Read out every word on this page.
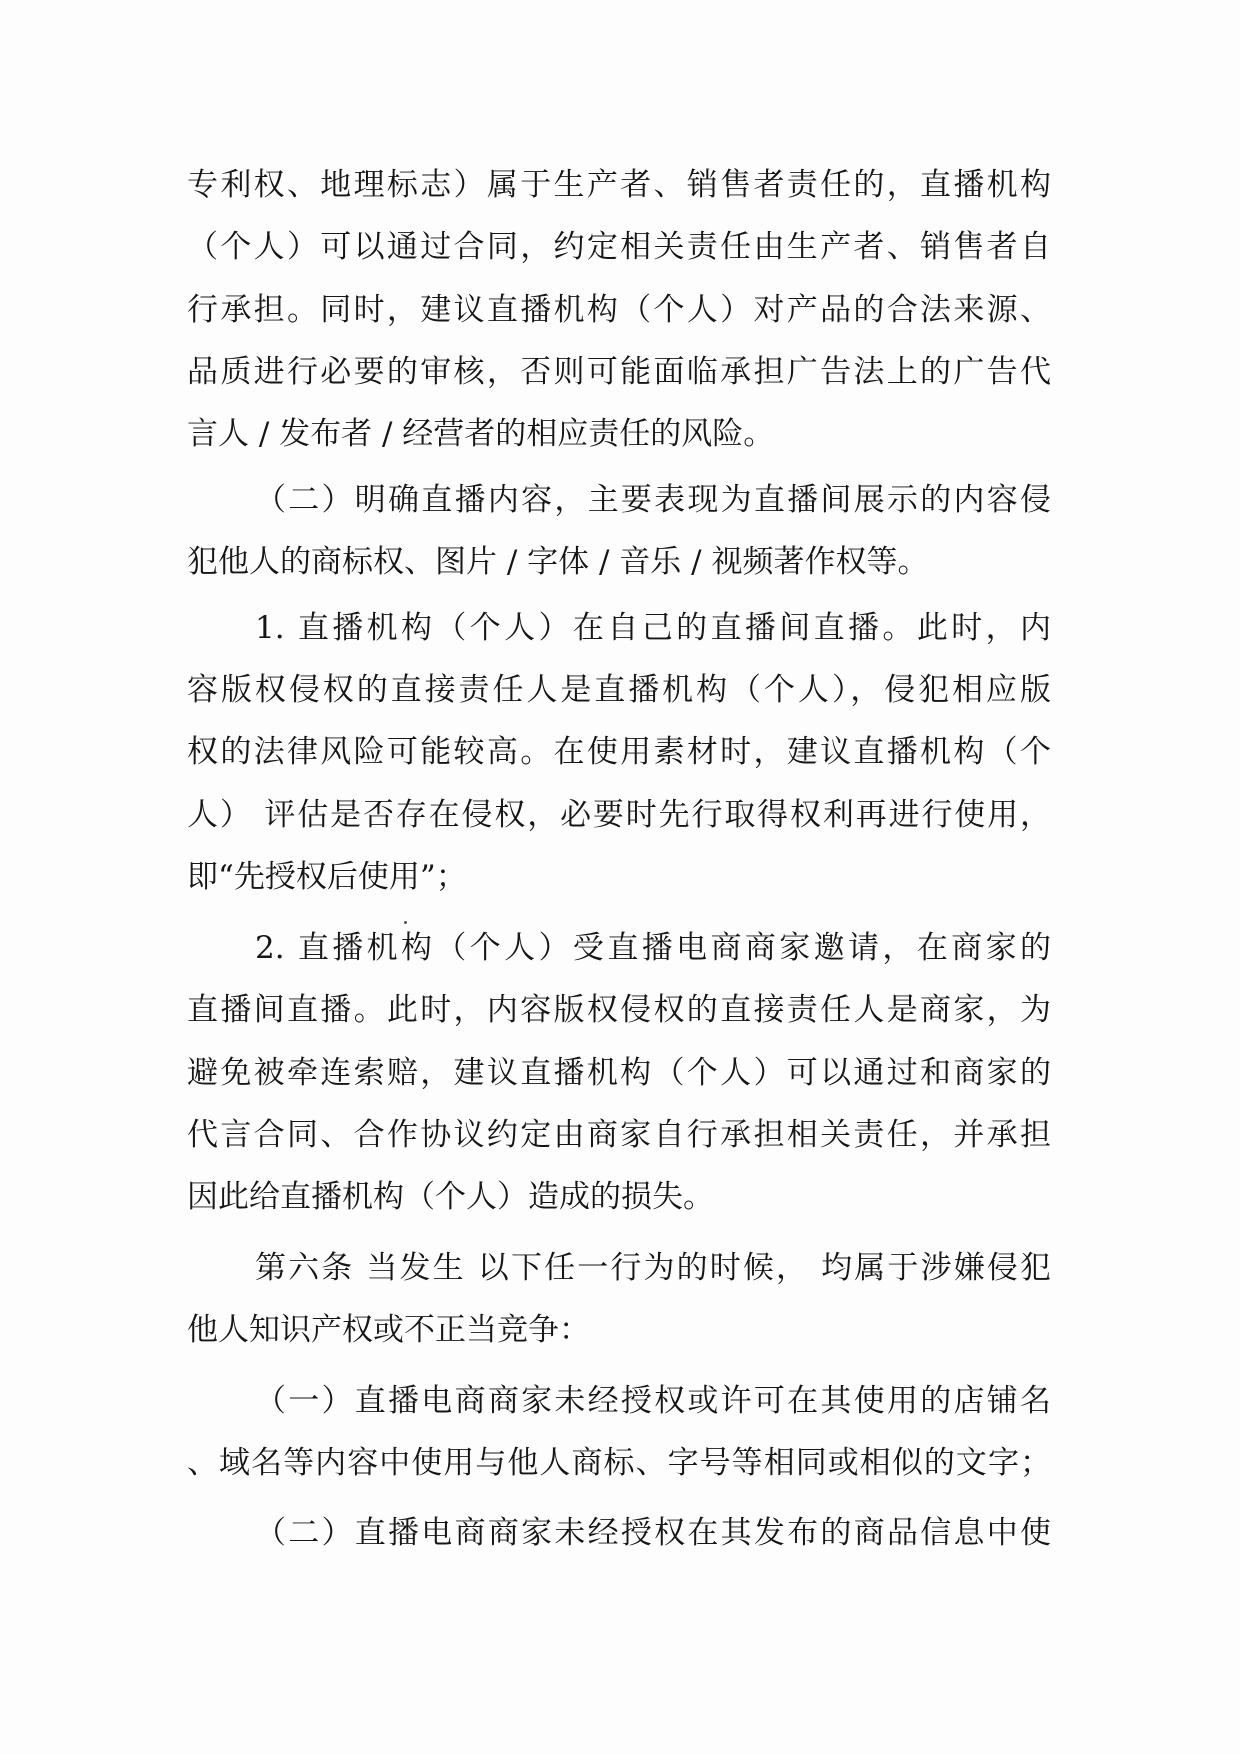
专利权、地理标志）属于生产者、销售者责任的，直播机构
（个人）可以通过合同，约定相关责任由生产者、销售者自
行承担。同时，建议直播机构（个人）对产品的合法来源、
品质进行必要的审核，否则可能面临承担广告法上的广告代
言人 / 发布者 / 经营者的相应责任的风险。
（二）明确直播内容，主要表现为直播间展示的内容侵
犯他人的商标权、图片 / 字体 / 音乐 / 视频著作权等。
1. 直播机构（个人）在自己的直播间直播。此时，内
容版权侵权的直接责任人是直播机构（个人），侵犯相应版
权的法律风险可能较高。在使用素材时，建议直播机构（个
人） 评估是否存在侵权，必要时先行取得权利再进行使用，
即“先授权后使用”；
2. 直播机构（个人）受直播电商商家邀请，在商家的
直播间直播。此时，内容版权侵权的直接责任人是商家，为
避免被牵连索赔，建议直播机构（个人）可以通过和商家的
代言合同、合作协议约定由商家自行承担相关责任，并承担
因此给直播机构（个人）造成的损失。
第六条 当发生 以下任一行为的时候， 均属于涉嫌侵犯
他人知识产权或不正当竞争：
（一）直播电商商家未经授权或许可在其使用的店铺名
、域名等内容中使用与他人商标、字号等相同或相似的文字；
（二）直播电商商家未经授权在其发布的商品信息中使
